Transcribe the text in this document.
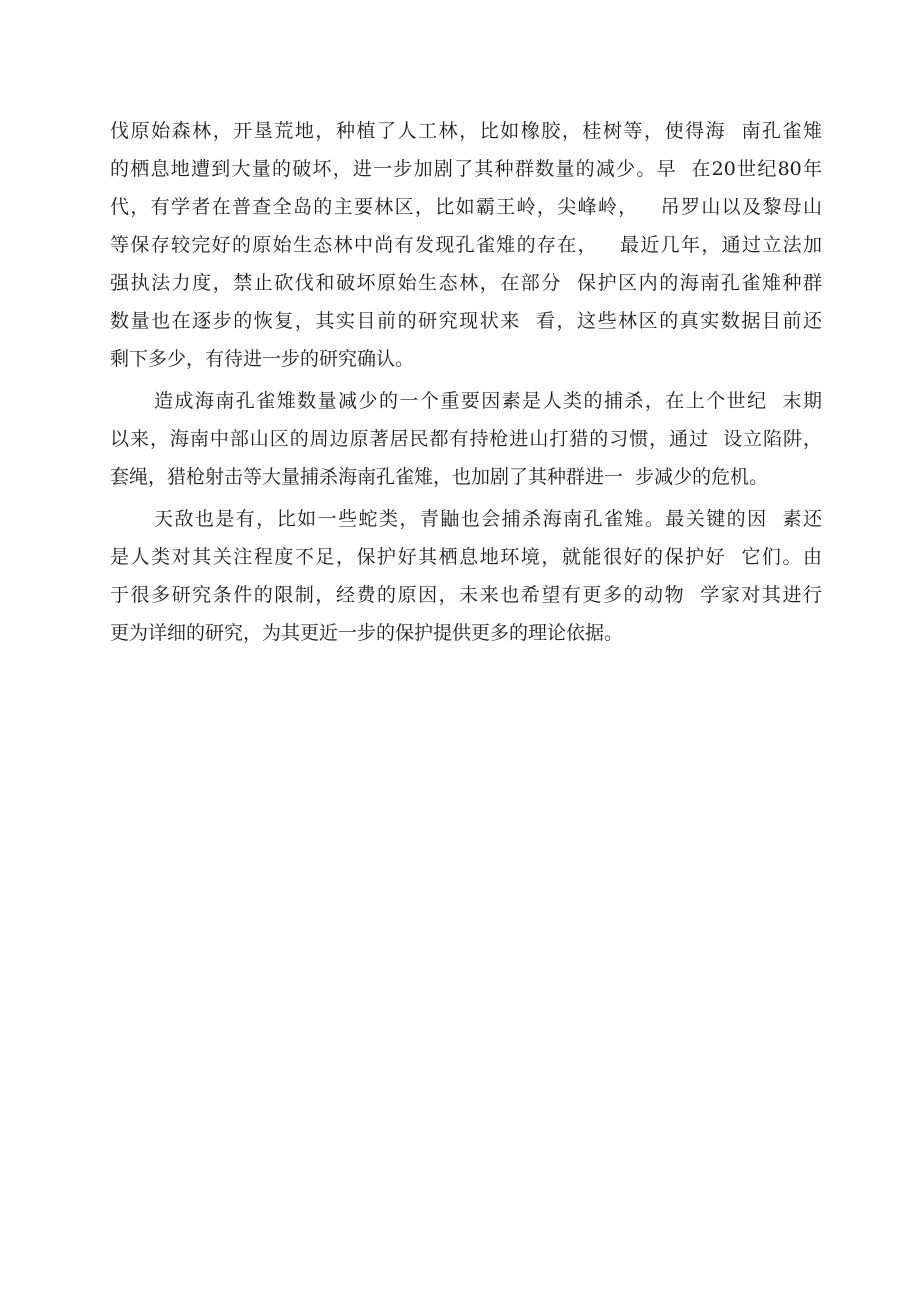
伐原始森林，开垦荒地，种植了人工林，比如橡胶，桂树等，使得海  南孔雀雉
的栖息地遭到大量的破坏，进一步加剧了其种群数量的减少。早  在20世纪80年
代，有学者在普查全岛的主要林区，比如霸王岭，尖峰岭，   吊罗山以及黎母山
等保存较完好的原始生态林中尚有发现孔雀雉的存在，   最近几年，通过立法加
强执法力度，禁止砍伐和破坏原始生态林，在部分  保护区内的海南孔雀雉种群
数量也在逐步的恢复，其实目前的研究现状来  看，这些林区的真实数据目前还
剩下多少，有待进一步的研究确认。
造成海南孔雀雉数量减少的一个重要因素是人类的捕杀，在上个世纪  末期
以来，海南中部山区的周边原著居民都有持枪进山打猎的习惯，通过  设立陷阱，
套绳，猎枪射击等大量捕杀海南孔雀雉，也加剧了其种群进一  步减少的危机。
天敌也是有，比如一些蛇类，青鼬也会捕杀海南孔雀雉。最关键的因  素还
是人类对其关注程度不足，保护好其栖息地环境，就能很好的保护好  它们。由
于很多研究条件的限制，经费的原因，未来也希望有更多的动物  学家对其进行
更为详细的研究，为其更近一步的保护提供更多的理论依据。
